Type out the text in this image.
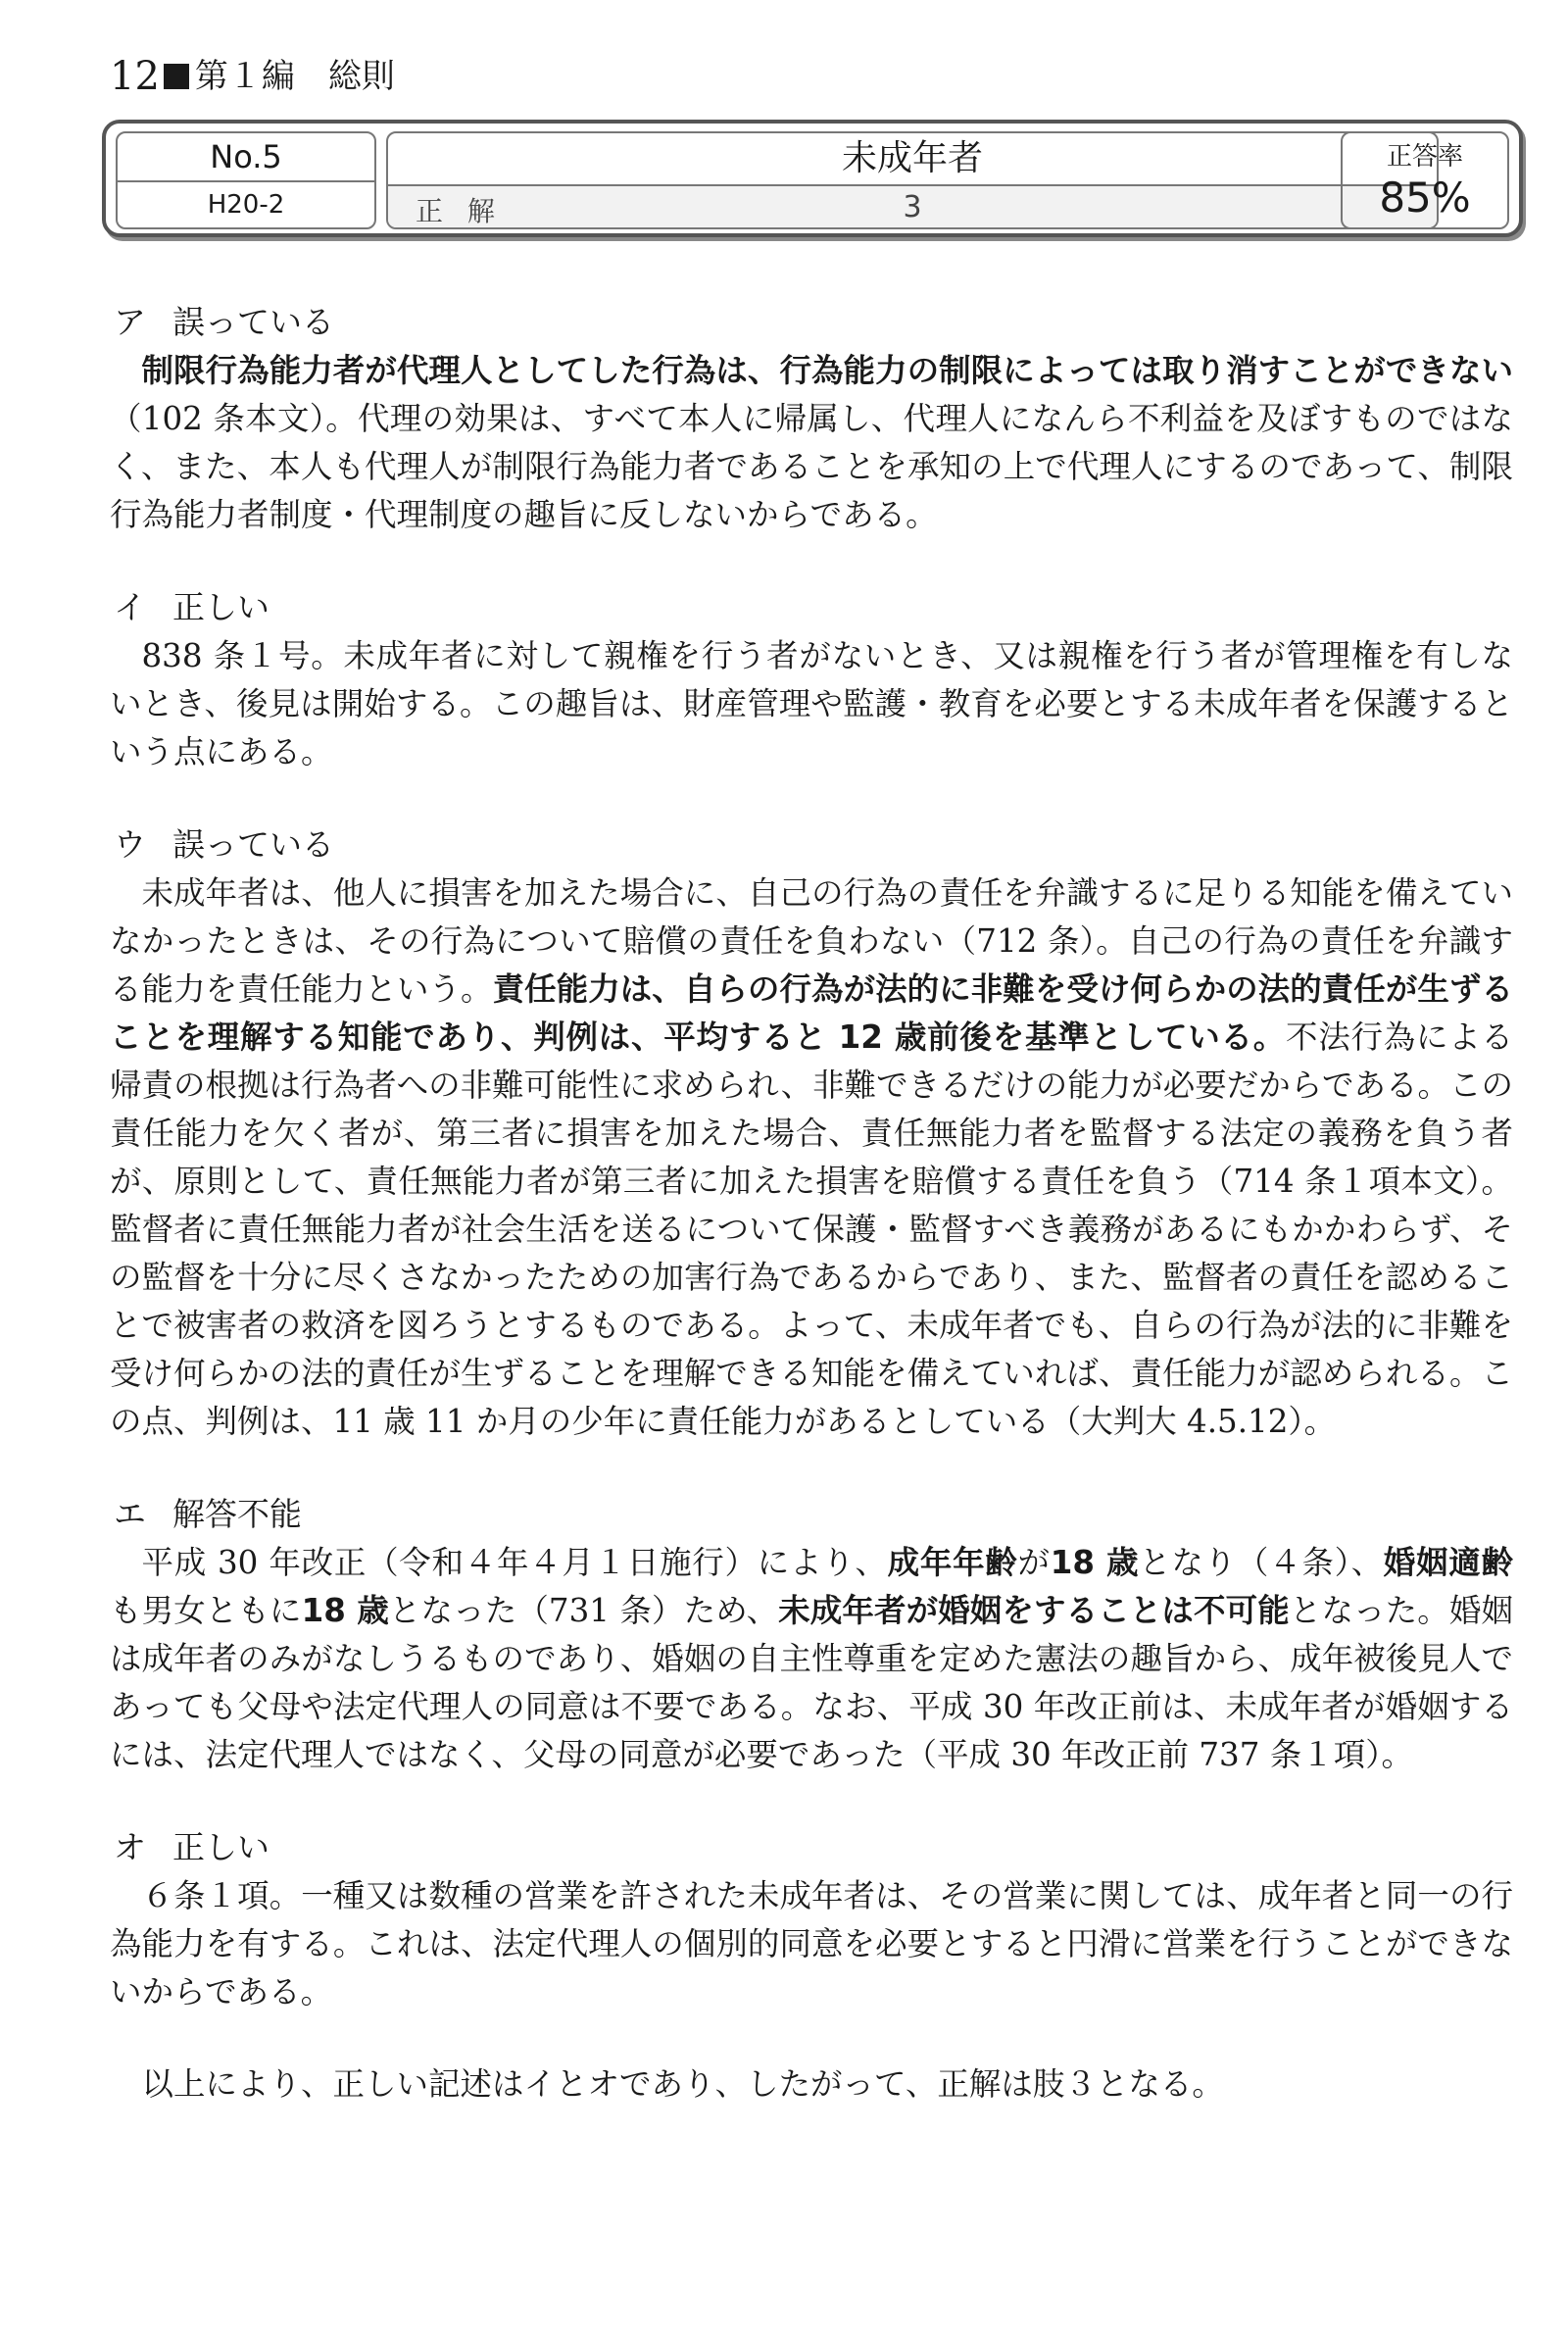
12 第１編 総則
No.5
H20-2
未成年者
正 解	3
正答率
85%
ア 誤っている
制限行為能力者が代理人としてした行為は、行為能力の制限によっては取り消すことができない（102 条本文）。代理の効果は、すべて本人に帰属し、代理人になんら不利益を及ぼすものではなく、また、本人も代理人が制限行為能力者であることを承知の上で代理人にするのであって、制限行為能力者制度・代理制度の趣旨に反しないからである。
イ 正しい
838 条１号。未成年者に対して親権を行う者がないとき、又は親権を行う者が管理権を有しないとき、後見は開始する。この趣旨は、財産管理や監護・教育を必要とする未成年者を保護するという点にある。
ウ 誤っている
未成年者は、他人に損害を加えた場合に、自己の行為の責任を弁識するに足りる知能を備えていなかったときは、その行為について賠償の責任を負わない（712 条）。自己の行為の責任を弁識する能力を責任能力という。責任能力は、自らの行為が法的に非難を受け何らかの法的責任が生ずることを理解する知能であり、判例は、平均すると 12 歳前後を基準としている。不法行為による帰責の根拠は行為者への非難可能性に求められ、非難できるだけの能力が必要だからである。この責任能力を欠く者が、第三者に損害を加えた場合、責任無能力者を監督する法定の義務を負う者が、原則として、責任無能力者が第三者に加えた損害を賠償する責任を負う（714 条１項本文）。監督者に責任無能力者が社会生活を送るについて保護・監督すべき義務があるにもかかわらず、その監督を十分に尽くさなかったための加害行為であるからであり、また、監督者の責任を認めることで被害者の救済を図ろうとするものである。よって、未成年者でも、自らの行為が法的に非難を受け何らかの法的責任が生ずることを理解できる知能を備えていれば、責任能力が認められる。この点、判例は、11 歳 11 か月の少年に責任能力があるとしている（大判大 4.5.12）。
エ 解答不能
平成 30 年改正（令和４年４月１日施行）により、成年年齢が18 歳となり（４条）、婚姻適齢も男女ともに18 歳となった（731 条）ため、未成年者が婚姻をすることは不可能となった。婚姻は成年者のみがなしうるものであり、婚姻の自主性尊重を定めた憲法の趣旨から、成年被後見人であっても父母や法定代理人の同意は不要である。なお、平成 30 年改正前は、未成年者が婚姻するには、法定代理人ではなく、父母の同意が必要であった（平成 30 年改正前 737 条１項）。
オ 正しい
６条１項。一種又は数種の営業を許された未成年者は、その営業に関しては、成年者と同一の行為能力を有する。これは、法定代理人の個別的同意を必要とすると円滑に営業を行うことができないからである。
以上により、正しい記述はイとオであり、したがって、正解は肢３となる。
